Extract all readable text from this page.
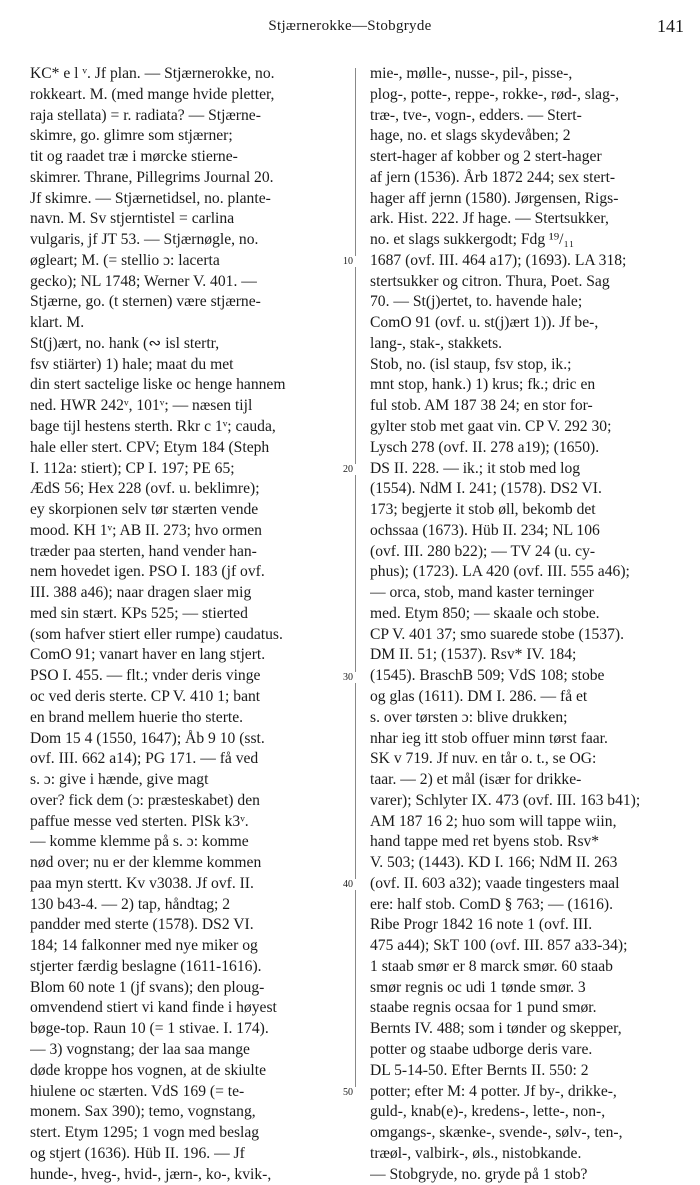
Stjærnerokke—Stobgryde	141
10
20
30
40
50
KC* e l ᵛ. Jf plan. — Stjærnerokke, no.
rokkeart. M. (med mange hvide pletter,
raja stellata) = r. radiata? — Stjærne-
skimre, go. glimre som stjærner;
tit og raadet træ i mørcke stierne-
skimrer. Thrane, Pillegrims Journal 20.
Jf skimre. — Stjærnetidsel, no. plante-
navn. M. Sv stjerntistel = carlina
vulgaris, jf JT 53. — Stjærnøgle, no.
øgleart; M. (= stellio ɔ: lacerta
gecko); NL 1748; Werner V. 401. —
Stjærne, go. (t sternen) være stjærne-
klart. M.
St(j)ært, no. hank (∾ isl stertr,
fsv stiärter) 1) hale; maat du met
din stert sactelige liske oc henge hannem
ned. HWR 242ᵛ, 101ᵛ; — næsen tijl
bage tijl hestens sterth. Rkr c 1ᵛ; cauda,
hale eller stert. CPV; Etym 184 (Steph
I. 112a: stiert); CP I. 197; PE 65;
ÆdS 56; Hex 228 (ovf. u. beklimre);
ey skorpionen selv tør stærten vende
mood. KH 1ᵛ; AB II. 273; hvo ormen
træder paa sterten, hand vender han-
nem hovedet igen. PSO I. 183 (jf ovf.
III. 388 a46); naar dragen slaer mig
med sin stært. KPs 525; — stierted
(som hafver stiert eller rumpe) caudatus.
ComO 91; vanart haver en lang stjert.
PSO I. 455. — flt.; vnder deris vinge
oc ved deris sterte. CP V. 410 1; bant
en brand mellem huerie tho sterte.
Dom 15 4 (1550, 1647); Åb 9 10 (sst.
ovf. III. 662 a14); PG 171. — få ved
s. ɔ: give i hænde, give magt
over? fick dem (ɔ: præsteskabet) den
paffue messe ved sterten. PlSk k3ᵛ.
— komme klemme på s. ɔ: komme
nød over; nu er der klemme kommen
paa myn stertt. Kv v3038. Jf ovf. II.
130 b43-4. — 2) tap, håndtag; 2
pandder med sterte (1578). DS2 VI.
184; 14 falkonner med nye miker og
stjerter færdig beslagne (1611-1616).
Blom 60 note 1 (jf svans); den ploug-
omvendend stiert vi kand finde i høyest
bøge-top. Raun 10 (= 1 stivae. I. 174).
— 3) vognstang; der laa saa mange
døde kroppe hos vognen, at de skiulte
hiulene oc stærten. VdS 169 (= te-
monem. Sax 390); temo, vognstang,
stert. Etym 1295; 1 vogn med beslag
og stjert (1636). Hüb II. 196. — Jf
hunde-, hveg-, hvid-, jærn-, ko-, kvik-,
mie-, mølle-, nusse-, pil-, pisse-,
plog-, potte-, reppe-, rokke-, rød-, slag-,
træ-, tve-, vogn-, edders. — Stert-
hage, no. et slags skydevåben; 2
stert-hager af kobber og 2 stert-hager
af jern (1536). Årb 1872 244; sex stert-
hager aff jernn (1580). Jørgensen, Rigs-
ark. Hist. 222. Jf hage. — Stertsukker,
no. et slags sukkergodt; Fdg ¹⁹/₁₁
1687 (ovf. III. 464 a17); (1693). LA 318;
stertsukker og citron. Thura, Poet. Sag
70. — St(j)ertet, to. havende hale;
ComO 91 (ovf. u. st(j)ært 1)). Jf be-,
lang-, stak-, stakkets.
Stob, no. (isl staup, fsv stop, ik.;
mnt stop, hank.) 1) krus; fk.; dric en
ful stob. AM 187 38 24; en stor for-
gylter stob met gaat vin. CP V. 292 30;
Lysch 278 (ovf. II. 278 a19); (1650).
DS II. 228. — ik.; it stob med log
(1554). NdM I. 241; (1578). DS2 VI.
173; begjerte it stob øll, bekomb det
ochssaa (1673). Hüb II. 234; NL 106
(ovf. III. 280 b22); — TV 24 (u. cy-
phus); (1723). LA 420 (ovf. III. 555 a46);
— orca, stob, mand kaster terninger
med. Etym 850; — skaale och stobe.
CP V. 401 37; smo suarede stobe (1537).
DM II. 51; (1537). Rsv* IV. 184;
(1545). BraschB 509; VdS 108; stobe
og glas (1611). DM I. 286. — få et
s. over tørsten ɔ: blive drukken;
nhar ieg itt stob offuer minn tørst faar.
SK v 719. Jf nuv. en tår o. t., se OG:
taar. — 2) et mål (især for drikke-
varer); Schlyter IX. 473 (ovf. III. 163 b41);
AM 187 16 2; huo som will tappe wiin,
hand tappe med ret byens stob. Rsv*
V. 503; (1443). KD I. 166; NdM II. 263
(ovf. II. 603 a32); vaade tingesters maal
ere: half stob. ComD § 763; — (1616).
Ribe Progr 1842 16 note 1 (ovf. III.
475 a44); SkT 100 (ovf. III. 857 a33-34);
1 staab smør er 8 marck smør. 60 staab
smør regnis oc udi 1 tønde smør. 3
staabe regnis ocsaa for 1 pund smør.
Bernts IV. 488; som i tønder og skepper,
potter og staabe udborge deris vare.
DL 5-14-50. Efter Bernts II. 550: 2
potter; efter M: 4 potter. Jf by-, drikke-,
guld-, knab(e)-, kredens-, lette-, non-,
omgangs-, skænke-, svende-, sølv-, ten-,
træøl-, valbirk-, øls., nistobkande.
— Stobgryde, no. gryde på 1 stob?
